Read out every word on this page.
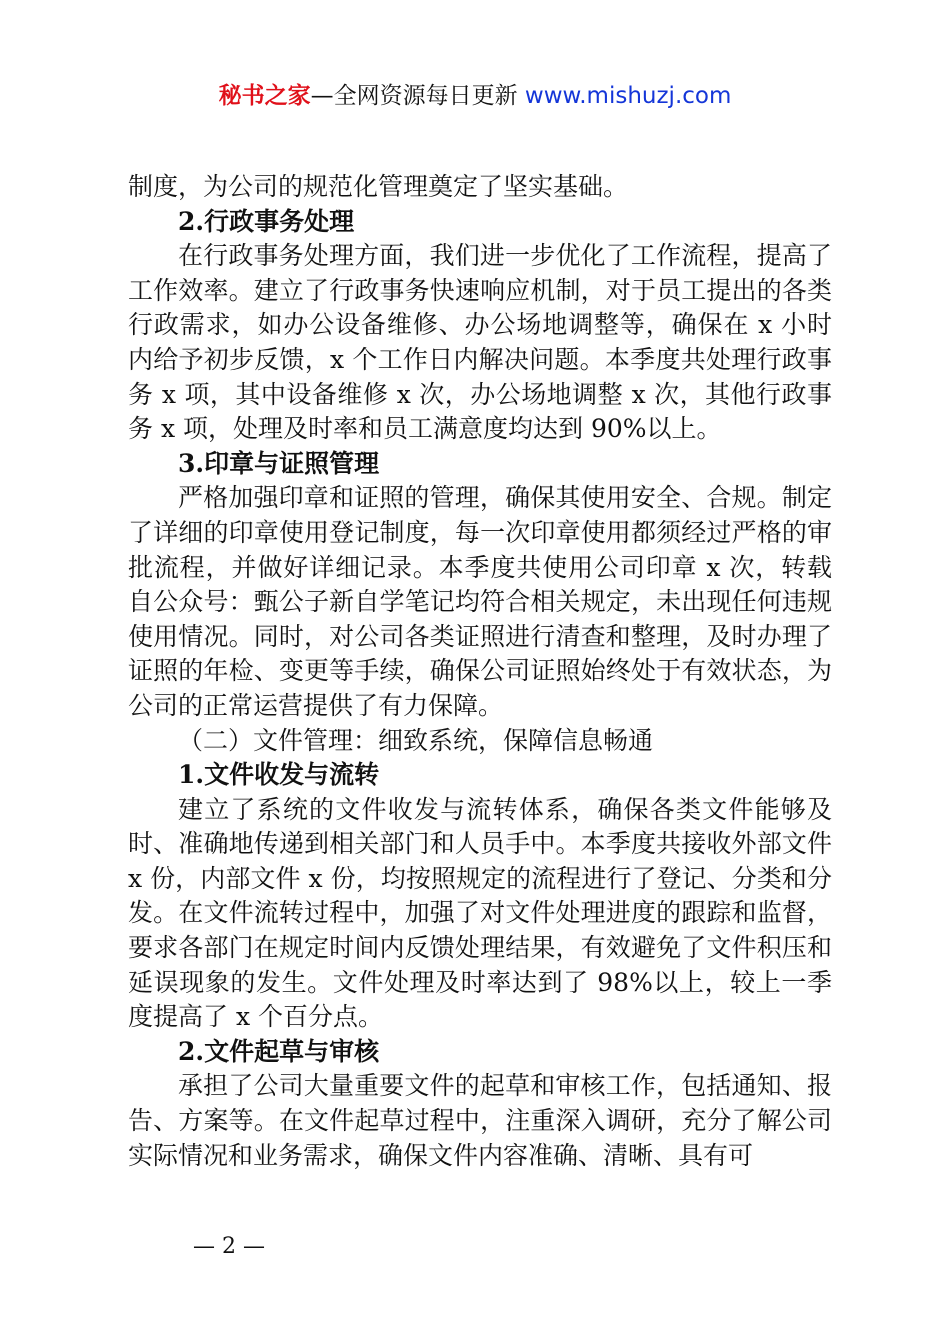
秘书之家—全网资源每日更新 www.mishuzj.com

制度，为公司的规范化管理奠定了坚实基础。

2.行政事务处理

在行政事务处理方面，我们进一步优化了工作流程，提高了工作效率。建立了行政事务快速响应机制，对于员工提出的各类行政需求，如办公设备维修、办公场地调整等，确保在 x 小时内给予初步反馈，x 个工作日内解决问题。本季度共处理行政事务 x 项，其中设备维修 x 次，办公场地调整 x 次，其他行政事务 x 项，处理及时率和员工满意度均达到 90%以上。

3.印章与证照管理

严格加强印章和证照的管理，确保其使用安全、合规。制定了详细的印章使用登记制度，每一次印章使用都须经过严格的审批流程，并做好详细记录。本季度共使用公司印章 x 次，转载自公众号：甄公子新自学笔记均符合相关规定，未出现任何违规使用情况。同时，对公司各类证照进行清查和整理，及时办理了证照的年检、变更等手续，确保公司证照始终处于有效状态，为公司的正常运营提供了有力保障。

（二）文件管理：细致系统，保障信息畅通

1.文件收发与流转

建立了系统的文件收发与流转体系，确保各类文件能够及时、准确地传递到相关部门和人员手中。本季度共接收外部文件 x 份，内部文件 x 份，均按照规定的流程进行了登记、分类和分发。在文件流转过程中，加强了对文件处理进度的跟踪和监督，要求各部门在规定时间内反馈处理结果，有效避免了文件积压和延误现象的发生。文件处理及时率达到了 98%以上，较上一季度提高了 x 个百分点。

2.文件起草与审核

承担了公司大量重要文件的起草和审核工作，包括通知、报告、方案等。在文件起草过程中，注重深入调研，充分了解公司实际情况和业务需求，确保文件内容准确、清晰、具有可

— 2 —
